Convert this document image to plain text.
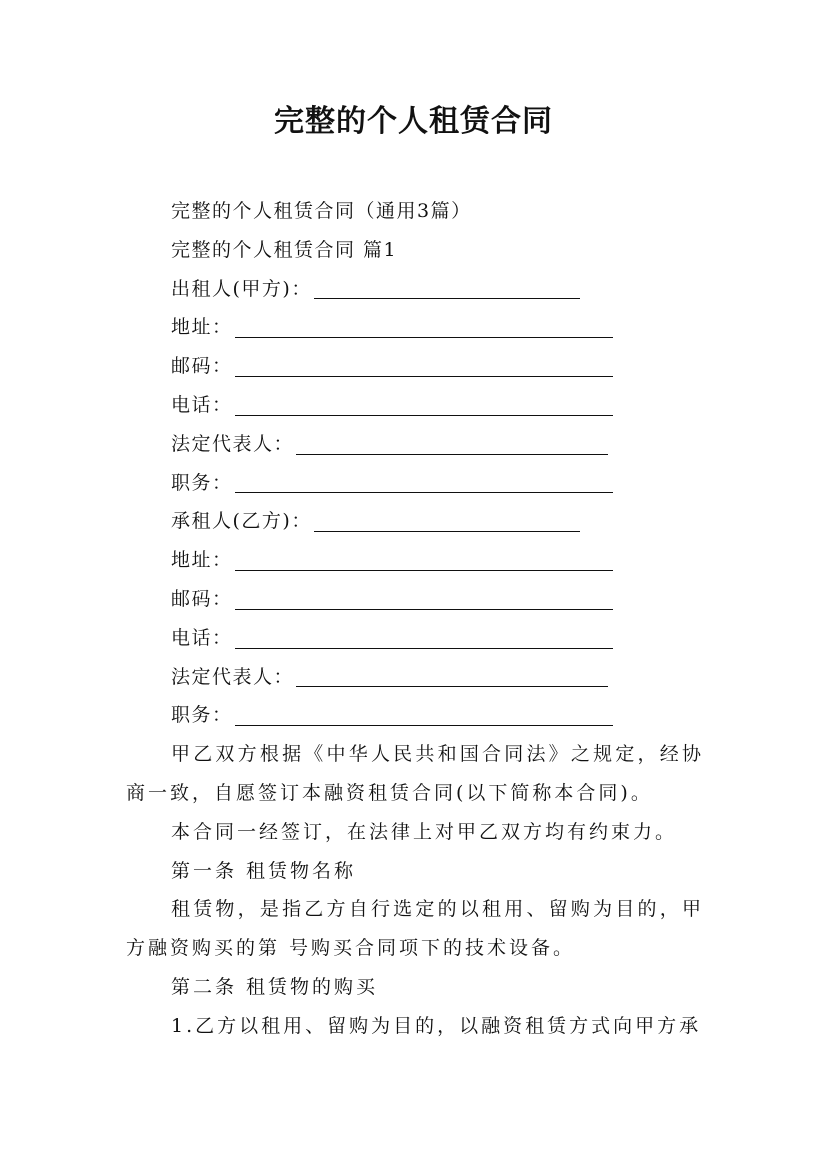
完整的个人租赁合同
完整的个人租赁合同（通用3篇）
完整的个人租赁合同 篇1
出租人(甲方)：
地址：
邮码：
电话：
法定代表人：
职务：
承租人(乙方)：
地址：
邮码：
电话：
法定代表人：
职务：
甲乙双方根据《中华人民共和国合同法》之规定，经协商一致，自愿签订本融资租赁合同(以下简称本合同)。
本合同一经签订，在法律上对甲乙双方均有约束力。
第一条 租赁物名称
租赁物，是指乙方自行选定的以租用、留购为目的，甲方融资购买的第 号购买合同项下的技术设备。
第二条 租赁物的购买
1.乙方以租用、留购为目的，以融资租赁方式向甲方承
